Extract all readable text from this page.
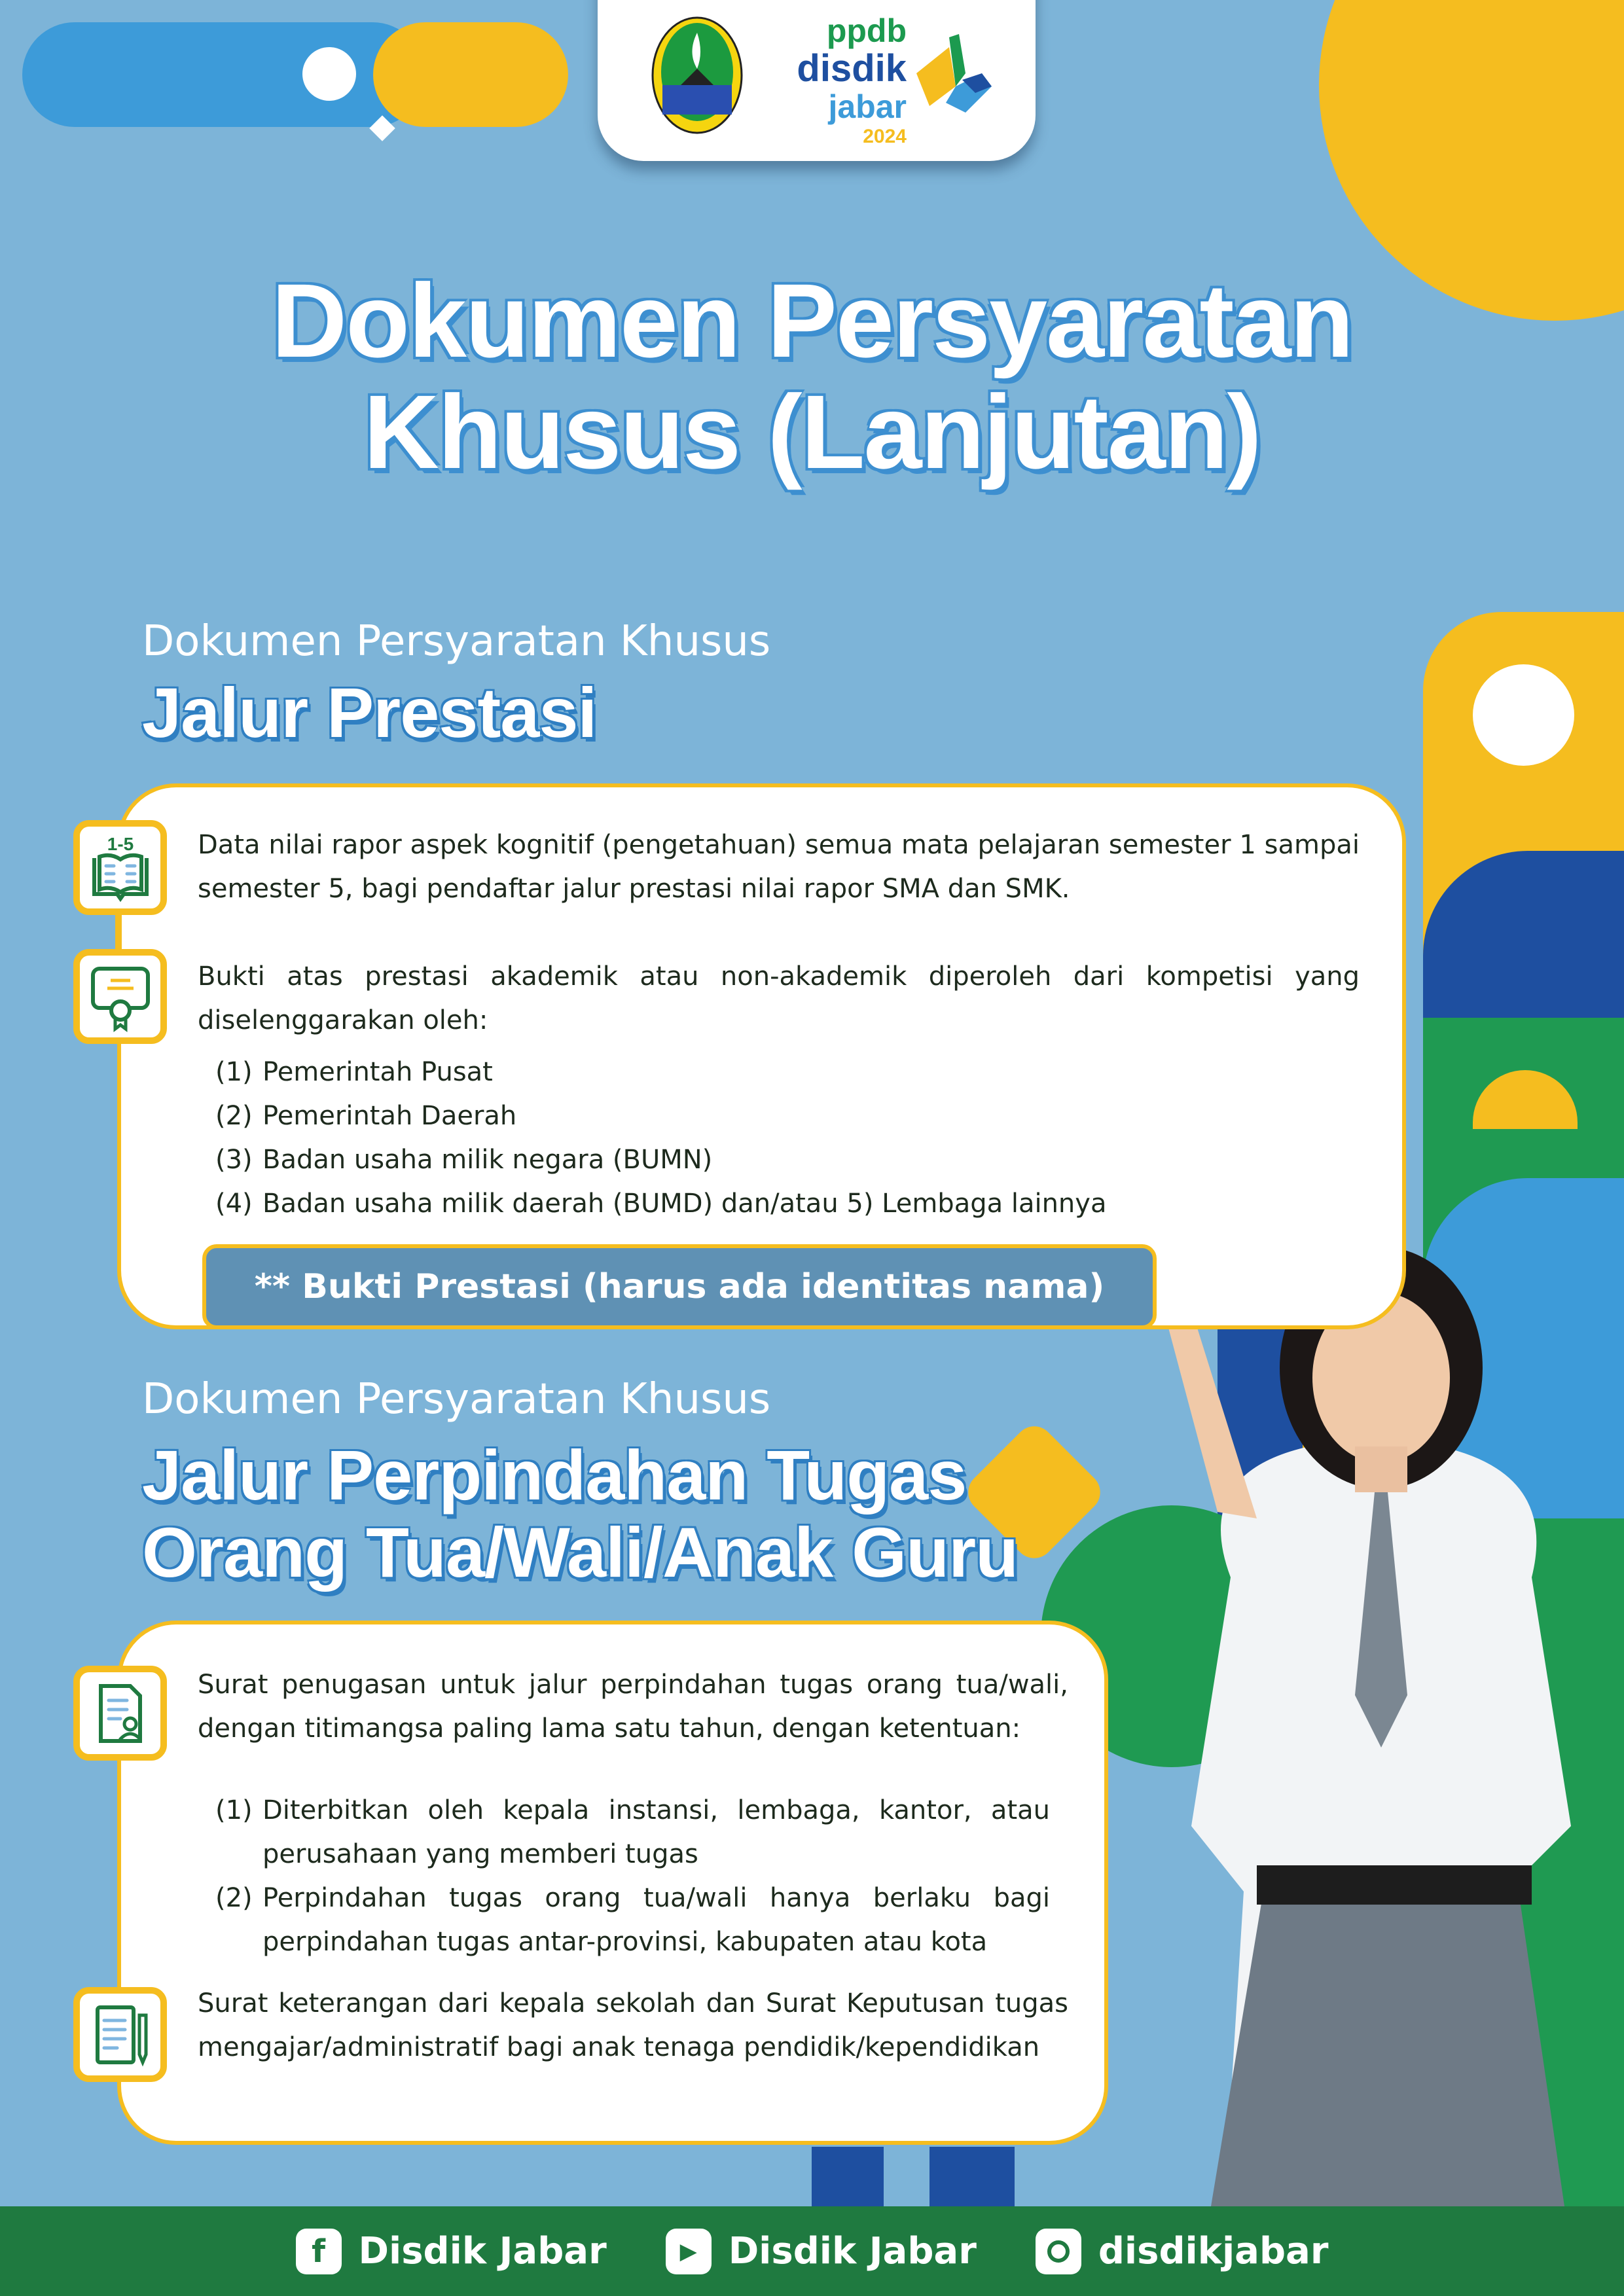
ppdb
disdik
jabar
2024
Dokumen Persyaratan
Khusus (Lanjutan)
Dokumen Persyaratan Khusus
Jalur Prestasi
1-5 Data nilai rapor aspek kognitif (pengetahuan) semua mata pelajaran semester 1 sampai
semester 5, bagi pendaftar jalur prestasi nilai rapor SMA dan SMK.
Bukti atas prestasi akademik atau non-akademik diperoleh dari kompetisi yang
diselenggarakan oleh:
(1) Pemerintah Pusat
(2) Pemerintah Daerah
(3) Badan usaha milik negara (BUMN)
(4) Badan usaha milik daerah (BUMD) dan/atau 5) Lembaga lainnya
** Bukti Prestasi (harus ada identitas nama)
Dokumen Persyaratan Khusus
Jalur Perpindahan Tugas
Orang Tua/Wali/Anak Guru
Surat penugasan untuk jalur perpindahan tugas orang tua/wali,
dengan titimangsa paling lama satu tahun, dengan ketentuan:
(1) Diterbitkan oleh kepala instansi, lembaga, kantor, atau
perusahaan yang memberi tugas
(2) Perpindahan tugas orang tua/wali hanya berlaku bagi
perpindahan tugas antar-provinsi, kabupaten atau kota
Surat keterangan dari kepala sekolah dan Surat Keputusan tugas
mengajar/administratif bagi anak tenaga pendidik/kependidikan
f Disdik Jabar	▶ Disdik Jabar	disdikjabar
